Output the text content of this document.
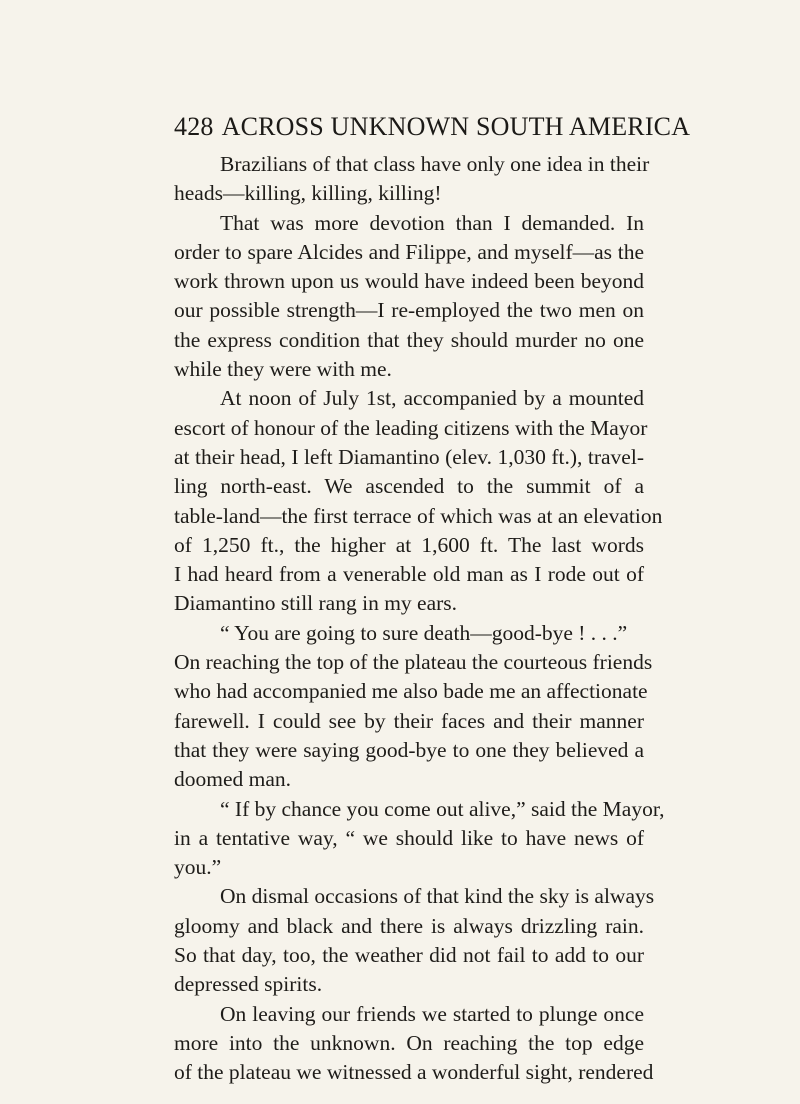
428 ACROSS UNKNOWN SOUTH AMERICA
Brazilians of that class have only one idea in their
heads—killing, killing, killing!
That was more devotion than I demanded. In
order to spare Alcides and Filippe, and myself—as the
work thrown upon us would have indeed been beyond
our possible strength—I re-employed the two men on
the express condition that they should murder no one
while they were with me.
At noon of July 1st, accompanied by a mounted
escort of honour of the leading citizens with the Mayor
at their head, I left Diamantino (elev. 1,030 ft.), travel-
ling north-east. We ascended to the summit of a
table-land—the first terrace of which was at an elevation
of 1,250 ft., the higher at 1,600 ft. The last words
I had heard from a venerable old man as I rode out of
Diamantino still rang in my ears.
“ You are going to sure death—good-bye ! . . .”
On reaching the top of the plateau the courteous friends
who had accompanied me also bade me an affectionate
farewell. I could see by their faces and their manner
that they were saying good-bye to one they believed a
doomed man.
“ If by chance you come out alive,” said the Mayor,
in a tentative way, “ we should like to have news of
you.”
On dismal occasions of that kind the sky is always
gloomy and black and there is always drizzling rain.
So that day, too, the weather did not fail to add to our
depressed spirits.
On leaving our friends we started to plunge once
more into the unknown. On reaching the top edge
of the plateau we witnessed a wonderful sight, rendered
